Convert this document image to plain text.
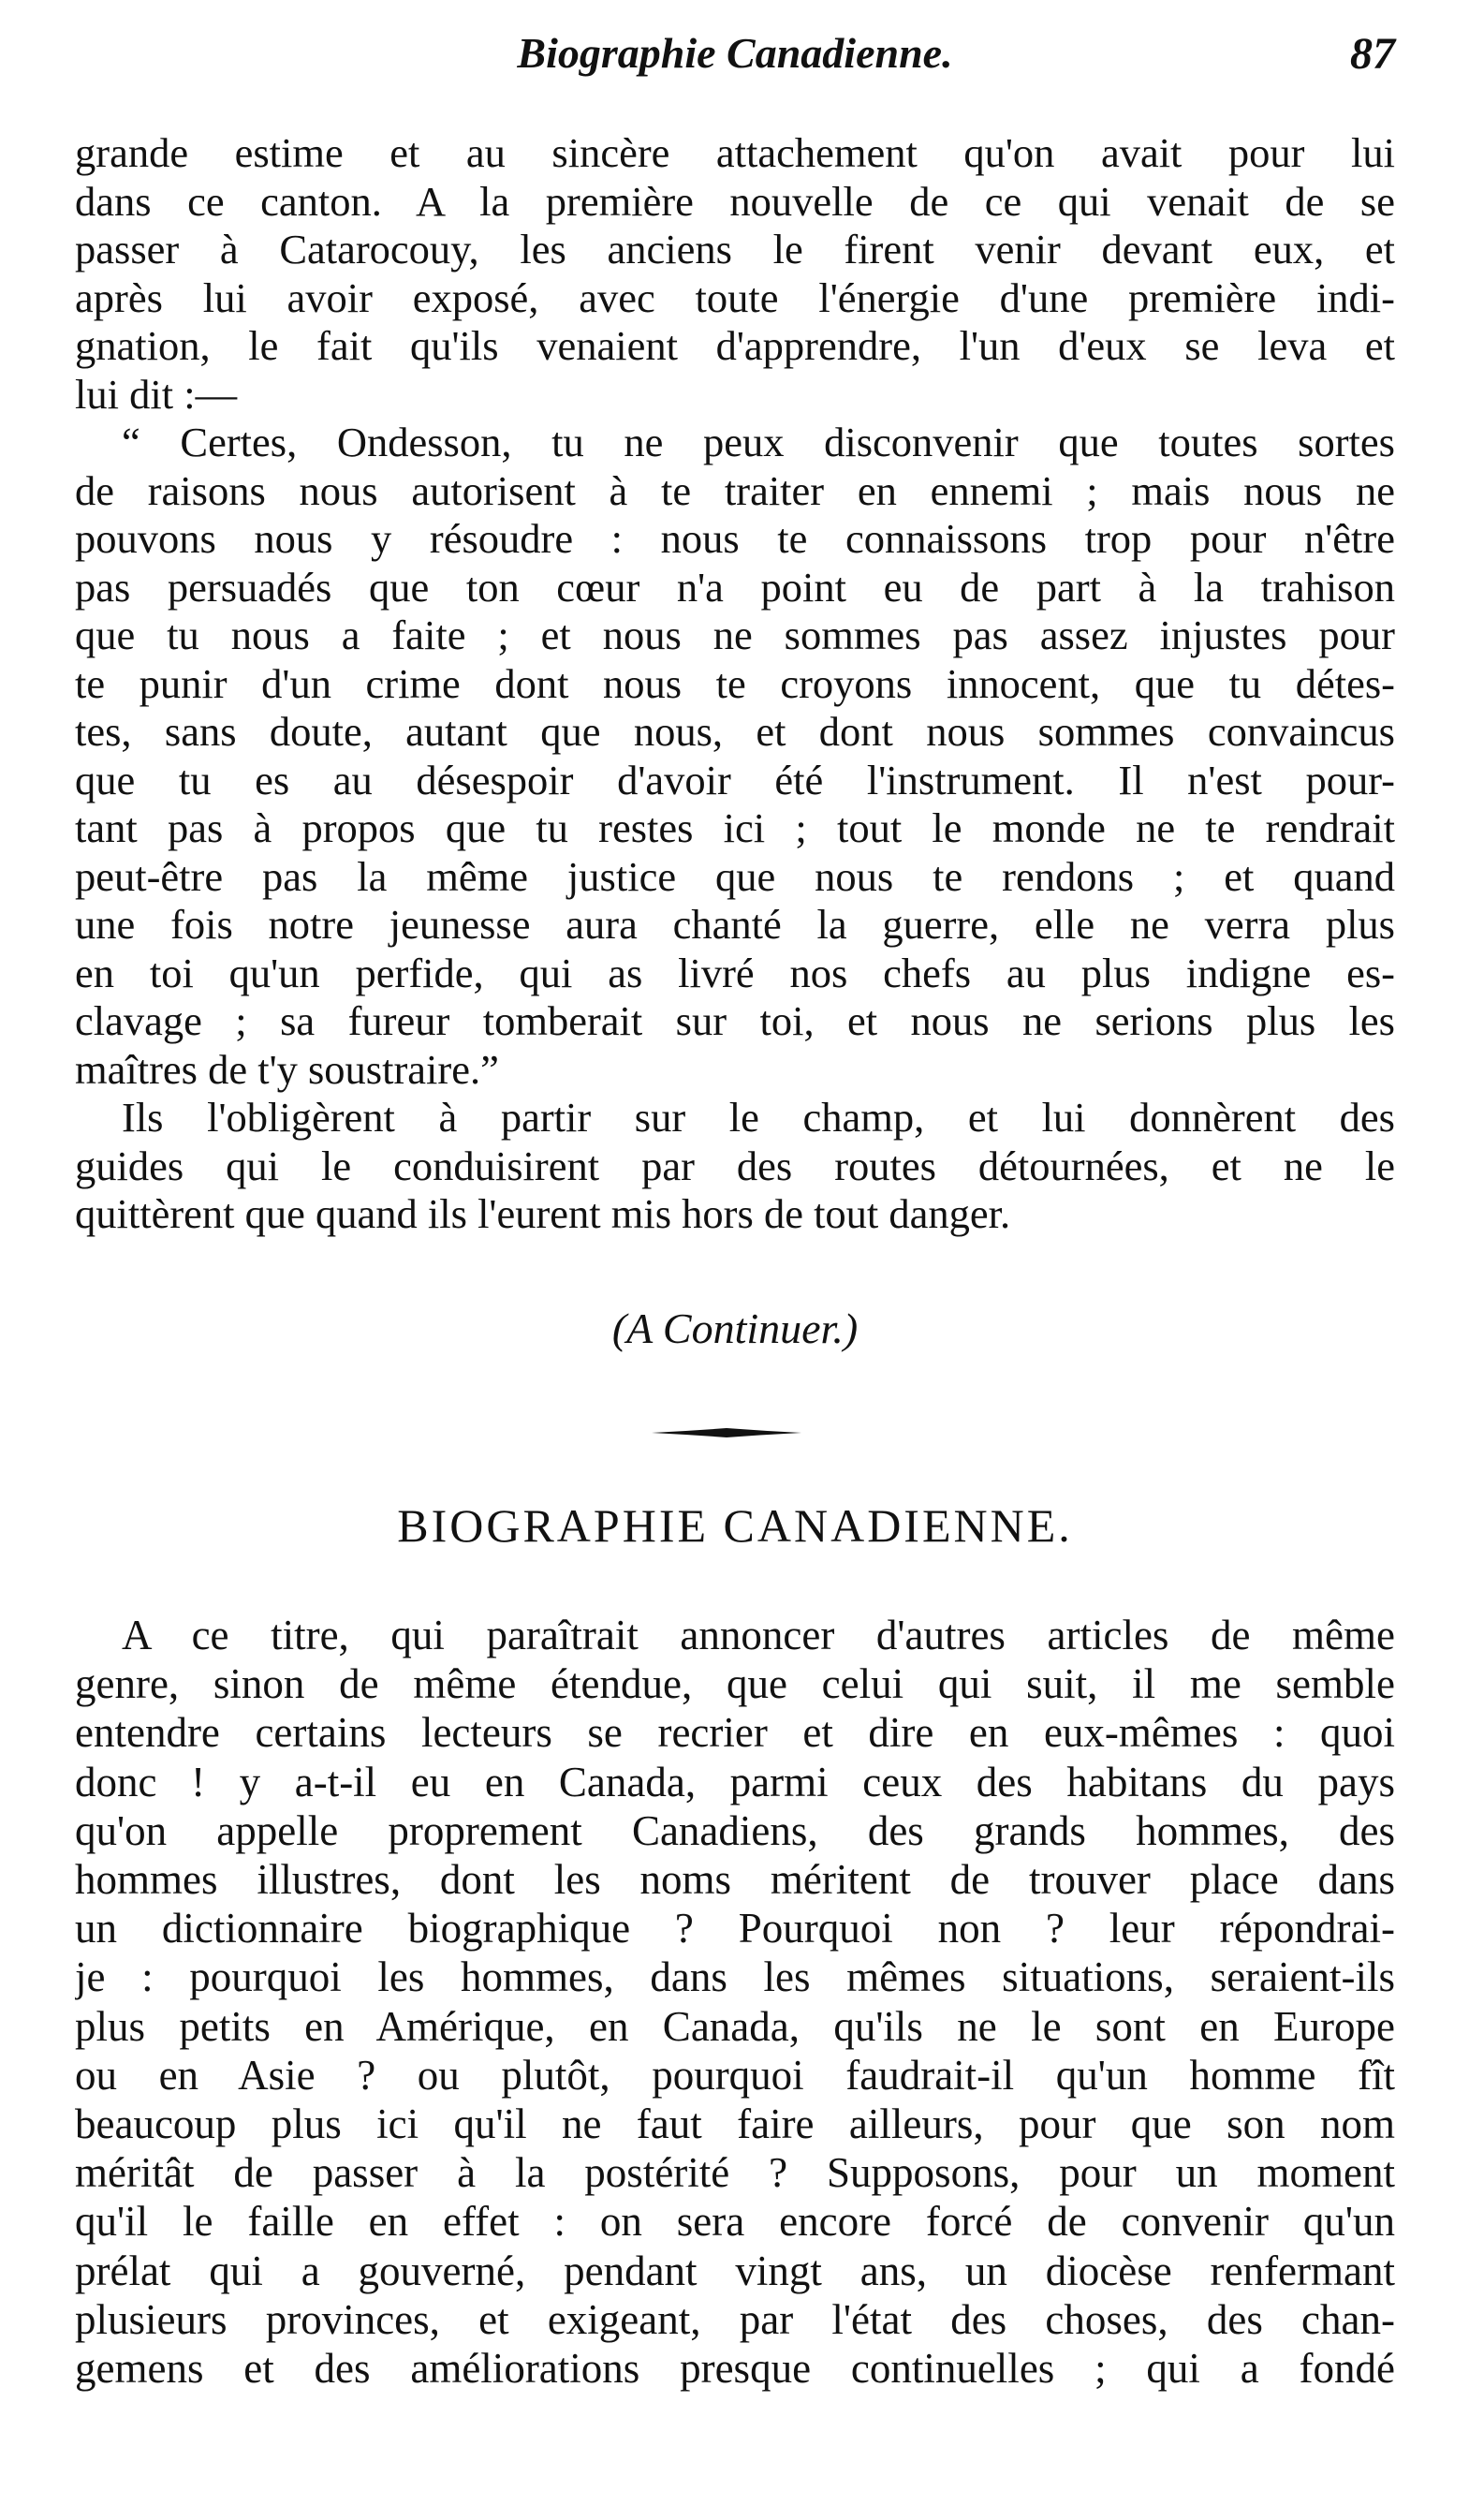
Biographie Canadienne.	87
grande estime et au sincère attachement qu'on avait pour lui
dans ce canton. A la première nouvelle de ce qui venait de se
passer à Catarocouy, les anciens le firent venir devant eux, et
après lui avoir exposé, avec toute l'énergie d'une première indi-
gnation, le fait qu'ils venaient d'apprendre, l'un d'eux se leva et
lui dit :—
“ Certes, Ondesson, tu ne peux disconvenir que toutes sortes
de raisons nous autorisent à te traiter en ennemi ; mais nous ne
pouvons nous y résoudre : nous te connaissons trop pour n'être
pas persuadés que ton cœur n'a point eu de part à la trahison
que tu nous a faite ; et nous ne sommes pas assez injustes pour
te punir d'un crime dont nous te croyons innocent, que tu détes-
tes, sans doute, autant que nous, et dont nous sommes convaincus
que tu es au désespoir d'avoir été l'instrument. Il n'est pour-
tant pas à propos que tu restes ici ; tout le monde ne te rendrait
peut-être pas la même justice que nous te rendons ; et quand
une fois notre jeunesse aura chanté la guerre, elle ne verra plus
en toi qu'un perfide, qui as livré nos chefs au plus indigne es-
clavage ; sa fureur tomberait sur toi, et nous ne serions plus les
maîtres de t'y soustraire.”
Ils l'obligèrent à partir sur le champ, et lui donnèrent des
guides qui le conduisirent par des routes détournées, et ne le
quittèrent que quand ils l'eurent mis hors de tout danger.
(A Continuer.)
BIOGRAPHIE CANADIENNE.
A ce titre, qui paraîtrait annoncer d'autres articles de même
genre, sinon de même étendue, que celui qui suit, il me semble
entendre certains lecteurs se recrier et dire en eux-mêmes : quoi
donc ! y a-t-il eu en Canada, parmi ceux des habitans du pays
qu'on appelle proprement Canadiens, des grands hommes, des
hommes illustres, dont les noms méritent de trouver place dans
un dictionnaire biographique ? Pourquoi non ? leur répondrai-
je : pourquoi les hommes, dans les mêmes situations, seraient-ils
plus petits en Amérique, en Canada, qu'ils ne le sont en Europe
ou en Asie ? ou plutôt, pourquoi faudrait-il qu'un homme fît
beaucoup plus ici qu'il ne faut faire ailleurs, pour que son nom
méritât de passer à la postérité ? Supposons, pour un moment
qu'il le faille en effet : on sera encore forcé de convenir qu'un
prélat qui a gouverné, pendant vingt ans, un diocèse renfermant
plusieurs provinces, et exigeant, par l'état des choses, des chan-
gemens et des améliorations presque continuelles ; qui a fondé
